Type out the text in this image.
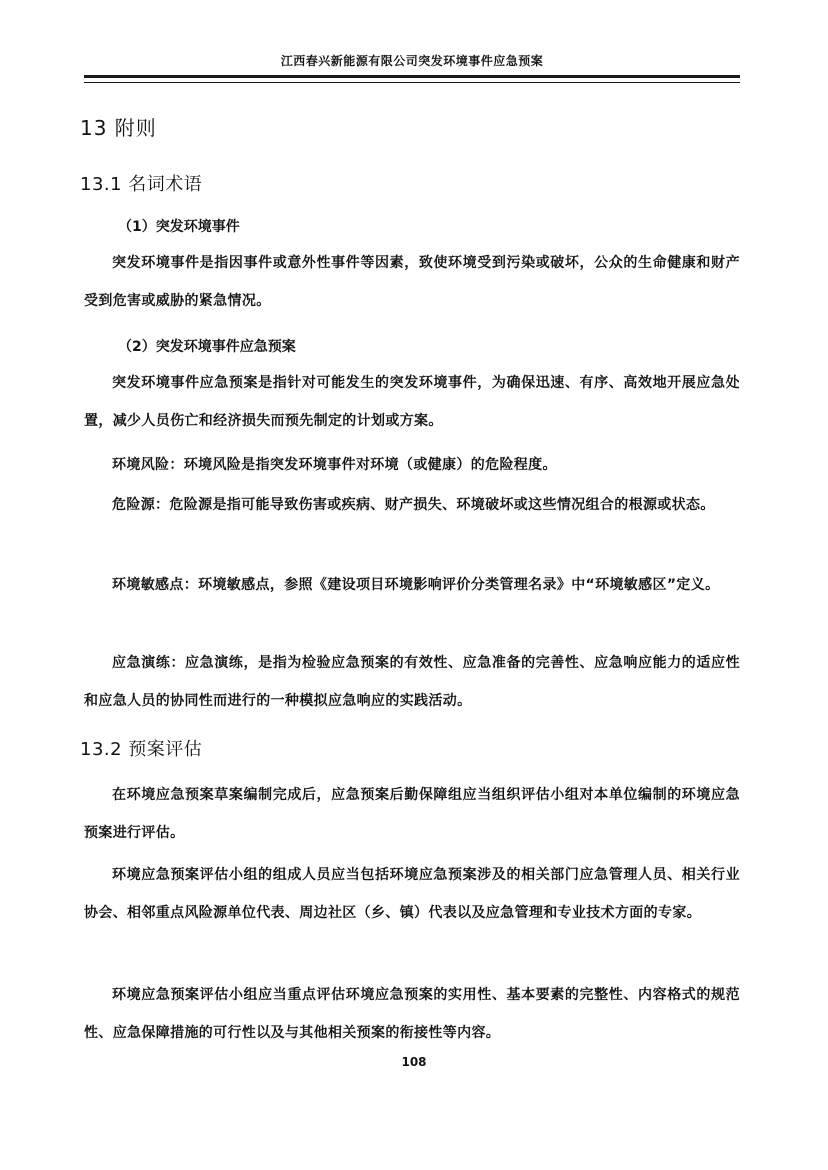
江西春兴新能源有限公司突发环境事件应急预案
13 附则
13.1 名词术语
（1）突发环境事件
突发环境事件是指因事件或意外性事件等因素，致使环境受到污染或破坏，公众的生命健康和财产受到危害或威胁的紧急情况。
（2）突发环境事件应急预案
突发环境事件应急预案是指针对可能发生的突发环境事件，为确保迅速、有序、高效地开展应急处置，减少人员伤亡和经济损失而预先制定的计划或方案。
环境风险：环境风险是指突发环境事件对环境（或健康）的危险程度。
危险源：危险源是指可能导致伤害或疾病、财产损失、环境破坏或这些情况组合的根源或状态。
环境敏感点：环境敏感点，参照《建设项目环境影响评价分类管理名录》中“环境敏感区”定义。
应急演练：应急演练，是指为检验应急预案的有效性、应急准备的完善性、应急响应能力的适应性和应急人员的协同性而进行的一种模拟应急响应的实践活动。
13.2 预案评估
在环境应急预案草案编制完成后，应急预案后勤保障组应当组织评估小组对本单位编制的环境应急预案进行评估。
环境应急预案评估小组的组成人员应当包括环境应急预案涉及的相关部门应急管理人员、相关行业协会、相邻重点风险源单位代表、周边社区（乡、镇）代表以及应急管理和专业技术方面的专家。
环境应急预案评估小组应当重点评估环境应急预案的实用性、基本要素的完整性、内容格式的规范性、应急保障措施的可行性以及与其他相关预案的衔接性等内容。
108
